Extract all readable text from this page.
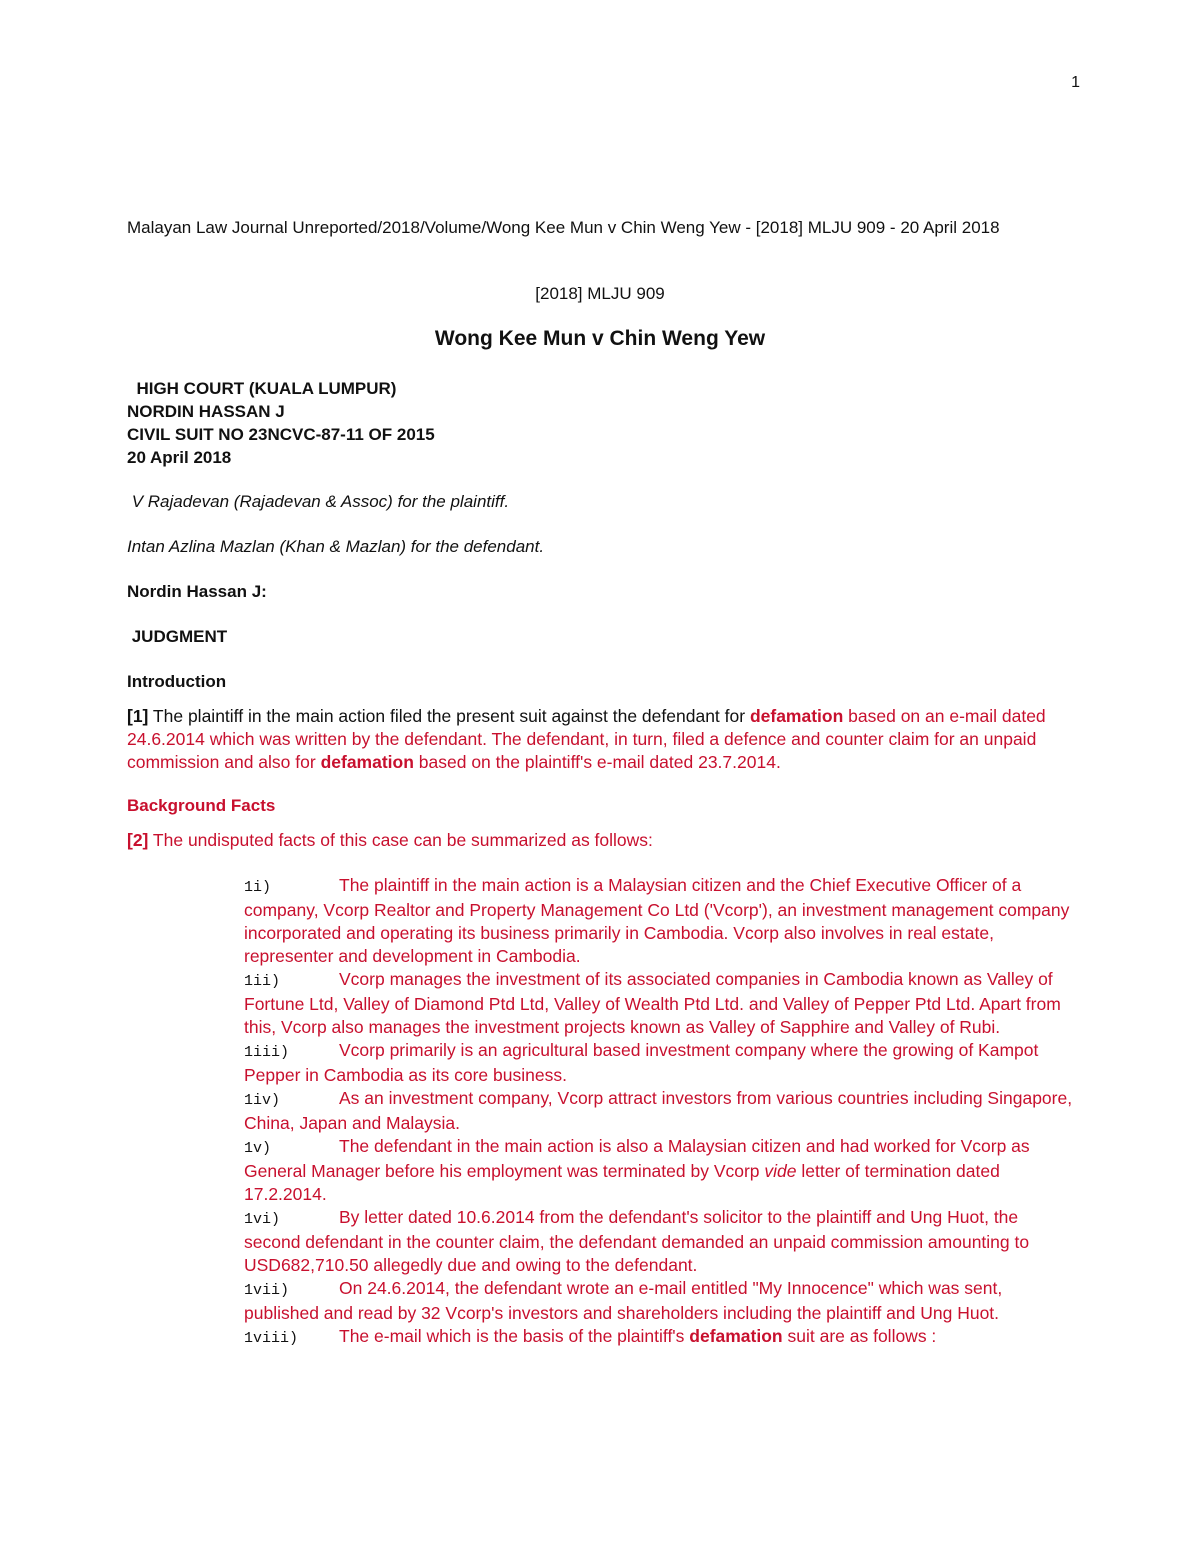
1
Malayan Law Journal Unreported/2018/Volume/Wong Kee Mun v Chin Weng Yew - [2018] MLJU 909 - 20 April 2018
[2018] MLJU 909
Wong Kee Mun v Chin Weng Yew
HIGH COURT (KUALA LUMPUR)
NORDIN HASSAN J
CIVIL SUIT NO 23NCVC-87-11 OF 2015
20 April 2018
V Rajadevan (Rajadevan & Assoc) for the plaintiff.
Intan Azlina Mazlan (Khan & Mazlan) for the defendant.
Nordin Hassan J:
JUDGMENT
Introduction
[1] The plaintiff in the main action filed the present suit against the defendant for defamation based on an e-mail dated 24.6.2014 which was written by the defendant. The defendant, in turn, filed a defence and counter claim for an unpaid commission and also for defamation based on the plaintiff's e-mail dated 23.7.2014.
Background Facts
[2] The undisputed facts of this case can be summarized as follows:

1i)	The plaintiff in the main action is a Malaysian citizen and the Chief Executive Officer of a company, Vcorp Realtor and Property Management Co Ltd ('Vcorp'), an investment management company incorporated and operating its business primarily in Cambodia. Vcorp also involves in real estate, representer and development in Cambodia.

1ii)	Vcorp manages the investment of its associated companies in Cambodia known as Valley of Fortune Ltd, Valley of Diamond Ptd Ltd, Valley of Wealth Ptd Ltd. and Valley of Pepper Ptd Ltd. Apart from this, Vcorp also manages the investment projects known as Valley of Sapphire and Valley of Rubi.

1iii)	Vcorp primarily is an agricultural based investment company where the growing of Kampot Pepper in Cambodia as its core business.

1iv)	As an investment company, Vcorp attract investors from various countries including Singapore, China, Japan and Malaysia.

1v)	The defendant in the main action is also a Malaysian citizen and had worked for Vcorp as General Manager before his employment was terminated by Vcorp vide letter of termination dated 17.2.2014.

1vi)	By letter dated 10.6.2014 from the defendant's solicitor to the plaintiff and Ung Huot, the second defendant in the counter claim, the defendant demanded an unpaid commission amounting to USD682,710.50 allegedly due and owing to the defendant.

1vii)	On 24.6.2014, the defendant wrote an e-mail entitled "My Innocence" which was sent, published and read by 32 Vcorp's investors and shareholders including the plaintiff and Ung Huot.

1viii) The e-mail which is the basis of the plaintiff's defamation suit are as follows :
